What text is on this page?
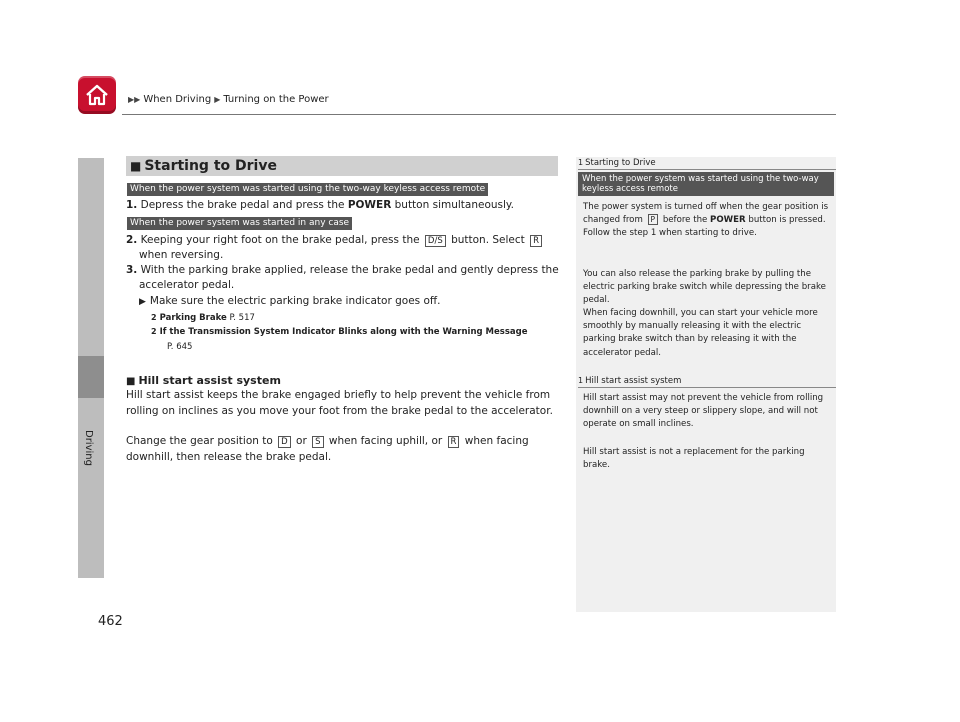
▶▶ When Driving ▶ Turning on the Power
Driving
462
■ Starting to Drive
When the power system was started using the two-way keyless access remote
1. Depress the brake pedal and press the POWER button simultaneously.
When the power system was started in any case
2. Keeping your right foot on the brake pedal, press the D/S button. Select R
when reversing.
3. With the parking brake applied, release the brake pedal and gently depress the
accelerator pedal.
▶ Make sure the electric parking brake indicator goes off.
2 Parking Brake P. 517
2 If the Transmission System Indicator Blinks along with the Warning Message
P. 645
■ Hill start assist system
Hill start assist keeps the brake engaged briefly to help prevent the vehicle from
rolling on inclines as you move your foot from the brake pedal to the accelerator.
Change the gear position to D or S when facing uphill, or R when facing
downhill, then release the brake pedal.
1 Starting to Drive
When the power system was started using the two-way keyless access remote
The power system is turned off when the gear position is changed from P before the POWER button is pressed. Follow the step 1 when starting to drive.
You can also release the parking brake by pulling the electric parking brake switch while depressing the brake pedal.
When facing downhill, you can start your vehicle more smoothly by manually releasing it with the electric parking brake switch than by releasing it with the accelerator pedal.
1 Hill start assist system
Hill start assist may not prevent the vehicle from rolling downhill on a very steep or slippery slope, and will not operate on small inclines.
Hill start assist is not a replacement for the parking brake.
